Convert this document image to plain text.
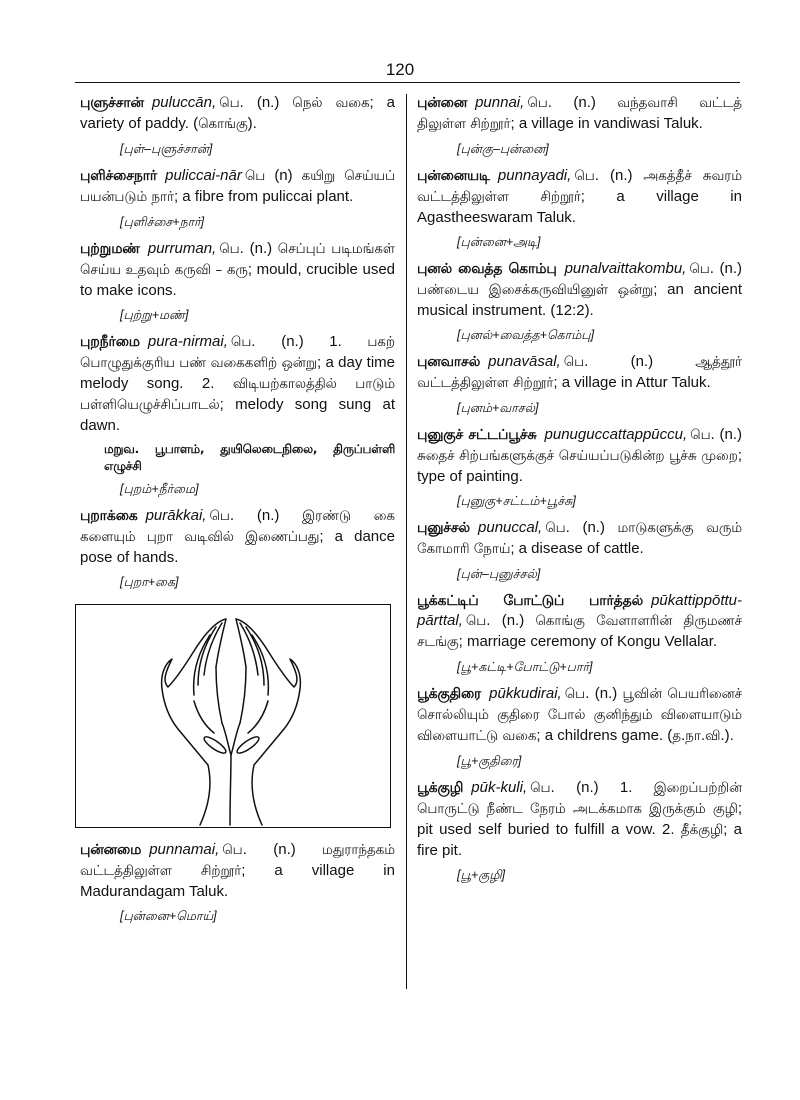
120

புளுச்சான் puluccān, பெ. (n.) நெல் வகை; a variety of paddy. (கொங்கு).

[புள்–புளுச்சான்]

புளிச்சைநார் puliccai-nār பெ (n) கயிறு செய்யப் பயன்படும் நார்; a fibre from puliccai plant.

[புளிச்சை+நார்]

புற்றுமண் purruman, பெ. (n.) செப்புப் படிமங்கள் செய்ய உதவும் கருவி – கரு; mould, crucible used to make icons.

[புற்று+மண்]

புறநீர்மை pura-nirmai, பெ. (n.) 1. பகற் பொழுதுக்குரிய பண் வகைகளிற் ஒன்று; a day time melody song. 2. விடியற்காலத்தில் பாடும் பள்ளியெழுச்சிப்பாடல்; melody song sung at dawn.

மறுவ. பூபாளம், துயிலெடைநிலை, திருப்பள்ளி எழுச்சி
[புறம்+நீர்மை]

புறாக்கை purākkai, பெ. (n.) இரண்டு கை களையும் புறா வடிவில் இணைப்பது; a dance pose of hands.

[புறா+கை]

புன்னமை punnamai, பெ. (n.) மதுராந்தகம் வட்டத்திலுள்ள சிற்றூர்; a village in Madurandagam Taluk.

[புன்னை+மொய்]

புன்னை punnai, பெ. (n.) வந்தவாசி வட்டத் திலுள்ள சிற்றூர்; a village in vandiwasi Taluk.

[புன்கு–புன்னை]

புன்னையடி punnayadi, பெ. (n.) அகத்தீச் சுவரம் வட்டத்திலுள்ள சிற்றூர்; a village in Agastheeswaram Taluk.

[புன்னை+அடி]

புனல் வைத்த கொம்பு punalvaittakombu, பெ. (n.) பண்டைய இசைக்கருவியினுள் ஒன்று; an ancient musical instrument. (12:2).

[புனல்+வைத்த+கொம்பு]

புனவாசல் punavāsal, பெ. (n.) ஆத்தூர் வட்டத்திலுள்ள சிற்றூர்; a village in Attur Taluk.

[புனம்+வாசல்]

புனுகுச் சட்டப்பூச்சு punuguccattappūccu, பெ. (n.) சுதைச் சிற்பங்களுக்குச் செய்யப்படுகின்ற பூச்சு முறை; type of painting.

[புனுகு+சட்டம்+பூச்சு]

புனுச்சல் punuccal, பெ. (n.) மாடுகளுக்கு வரும் கோமாரி நோய்; a disease of cattle.

[புன்–புனுச்சல்]

பூக்கட்டிப் போட்டுப் பார்த்தல் pūkattippōttu-pārttal, பெ. (n.) கொங்கு வேளாளரின் திருமணச் சடங்கு; marriage ceremony of Kongu Vellalar.

[பூ+கட்டி+போட்டு+பார்]

பூக்குதிரை pūkkudirai, பெ. (n.) பூவின் பெயரினைச் சொல்லியும் குதிரை போல் குனிந்தும் விளையாடும் விளையாட்டு வகை; a childrens game. (த.நா.வி.).

[பூ+குதிரை]

பூக்குழி pūk-kuli, பெ. (n.) 1. இறைப்பற்றின் பொருட்டு நீண்ட நேரம் அடக்கமாக இருக்கும் குழி; pit used self buried to fulfill a vow. 2. தீக்குழி; a fire pit.

[பூ+குழி]
